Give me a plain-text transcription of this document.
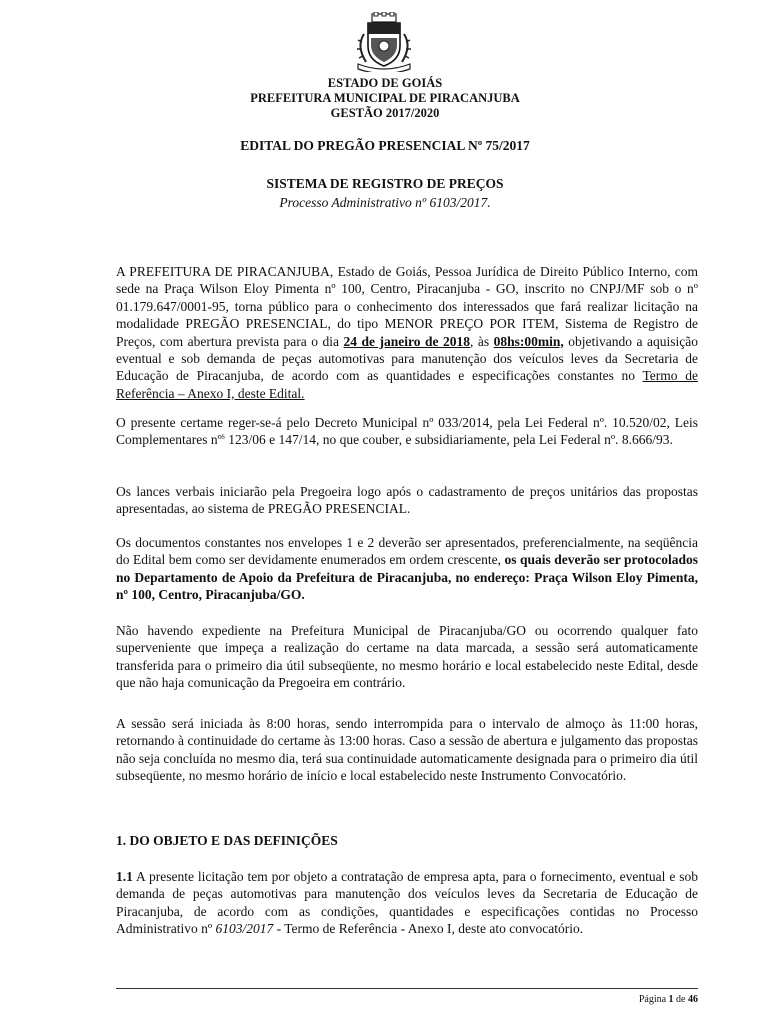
ESTADO DE GOIÁS
PREFEITURA MUNICIPAL DE PIRACANJUBA
GESTÃO 2017/2020
EDITAL DO PREGÃO PRESENCIAL Nº 75/2017
SISTEMA DE REGISTRO DE PREÇOS
Processo Administrativo nº 6103/2017.
A PREFEITURA DE PIRACANJUBA, Estado de Goiás, Pessoa Jurídica de Direito Público Interno, com sede na Praça Wilson Eloy Pimenta nº 100, Centro, Piracanjuba - GO, inscrito no CNPJ/MF sob o nº 01.179.647/0001-95, torna público para o conhecimento dos interessados que fará realizar licitação na modalidade PREGÃO PRESENCIAL, do tipo MENOR PREÇO POR ITEM, Sistema de Registro de Preços, com abertura prevista para o dia 24 de janeiro de 2018, às 08hs:00min, objetivando a aquisição eventual e sob demanda de peças automotivas para manutenção dos veículos leves da Secretaria de Educação de Piracanjuba, de acordo com as quantidades e especificações constantes no Termo de Referência – Anexo I, deste Edital.
O presente certame reger-se-á pelo Decreto Municipal nº 033/2014, pela Lei Federal nº. 10.520/02, Leis Complementares nº$^s$ 123/06 e 147/14, no que couber, e subsidiariamente, pela Lei Federal nº. 8.666/93.
Os lances verbais iniciarão pela Pregoeira logo após o cadastramento de preços unitários das propostas apresentadas, ao sistema de PREGÃO PRESENCIAL.
Os documentos constantes nos envelopes 1 e 2 deverão ser apresentados, preferencialmente, na seqüência do Edital bem como ser devidamente enumerados em ordem crescente, os quais deverão ser protocolados no Departamento de Apoio da Prefeitura de Piracanjuba, no endereço: Praça Wilson Eloy Pimenta, nº 100, Centro, Piracanjuba/GO.
Não havendo expediente na Prefeitura Municipal de Piracanjuba/GO ou ocorrendo qualquer fato superveniente que impeça a realização do certame na data marcada, a sessão será automaticamente transferida para o primeiro dia útil subseqüente, no mesmo horário e local estabelecido neste Edital, desde que não haja comunicação da Pregoeira em contrário.
A sessão será iniciada às 8:00 horas, sendo interrompida para o intervalo de almoço às 11:00 horas, retornando à continuidade do certame às 13:00 horas. Caso a sessão de abertura e julgamento das propostas não seja concluída no mesmo dia, terá sua continuidade automaticamente designada para o primeiro dia útil subseqüente, no mesmo horário de início e local estabelecido neste Instrumento Convocatório.
1. DO OBJETO E DAS DEFINIÇÕES
1.1 A presente licitação tem por objeto a contratação de empresa apta, para o fornecimento, eventual e sob demanda de peças automotivas para manutenção dos veículos leves da Secretaria de Educação de Piracanjuba, de acordo com as condições, quantidades e especificações contidas no Processo Administrativo nº 6103/2017 - Termo de Referência - Anexo I, deste ato convocatório.
Página 1 de 46
